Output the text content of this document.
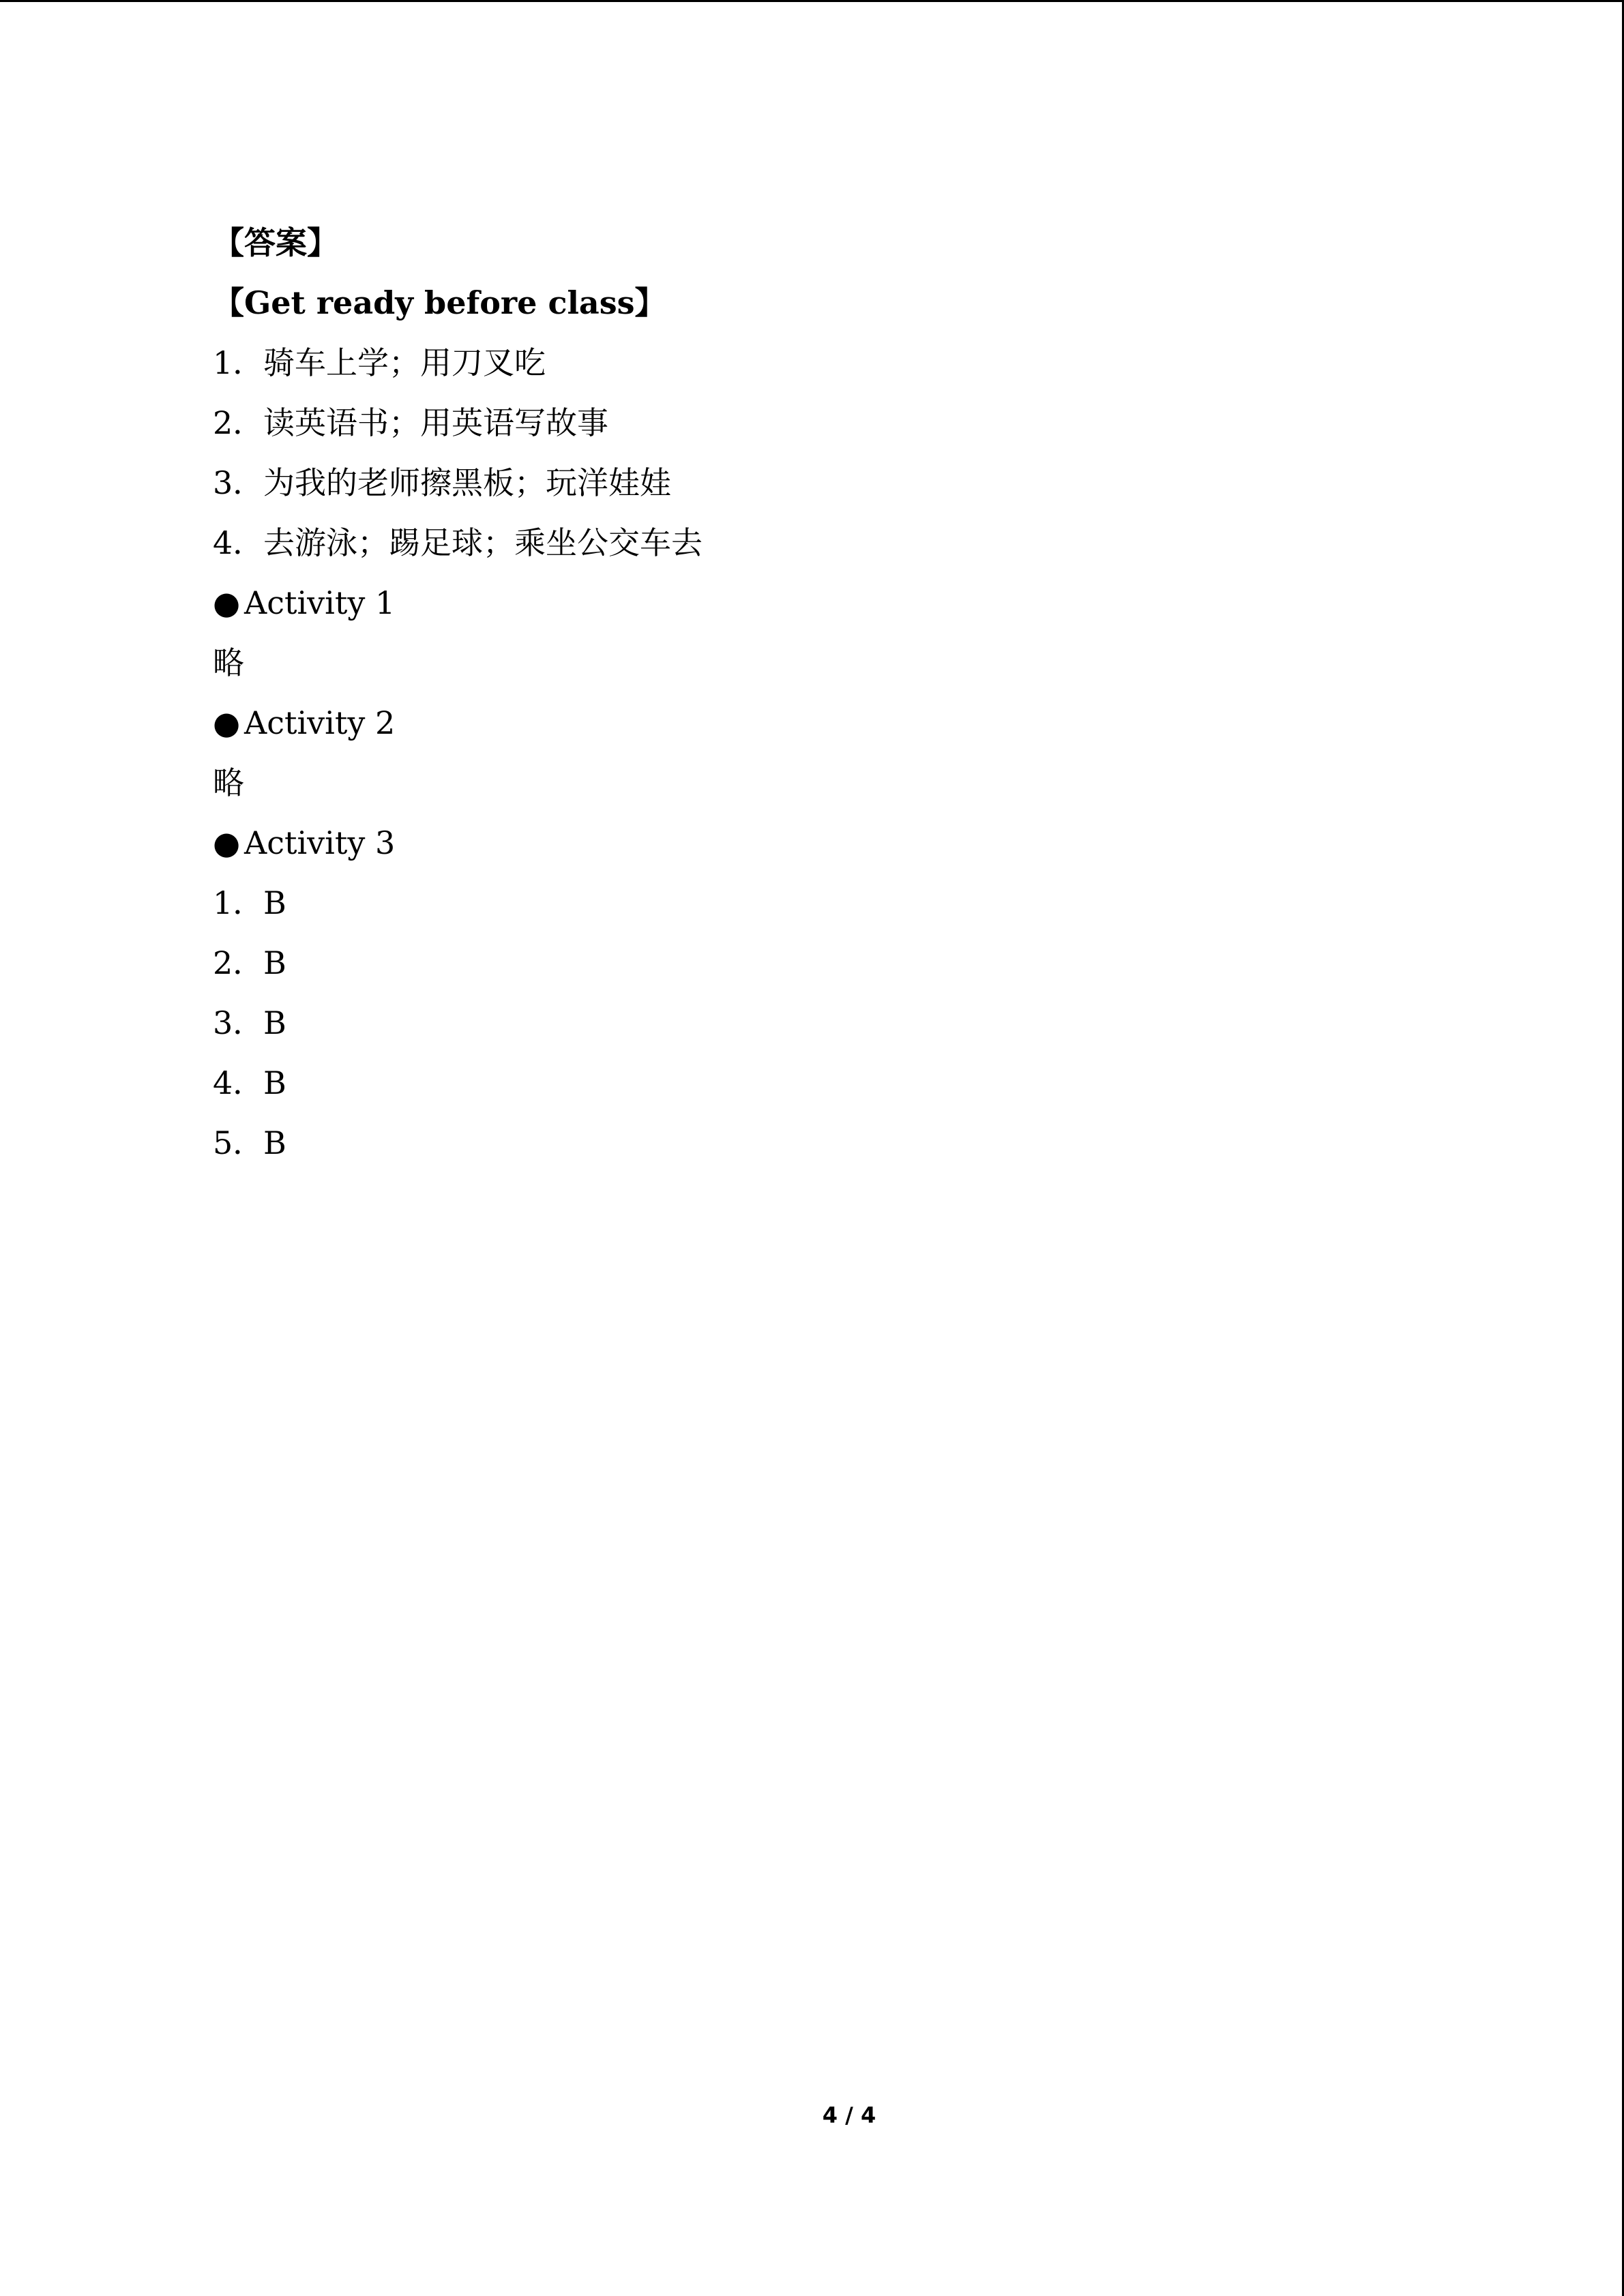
【答案】
【Get ready before class】
1．骑车上学；用刀叉吃
2．读英语书；用英语写故事
3．为我的老师擦黑板；玩洋娃娃
4．去游泳；踢足球；乘坐公交车去
● Activity 1
略
● Activity 2
略
● Activity 3
1．B
2．B
3．B
4．B
5．B
4 / 4
